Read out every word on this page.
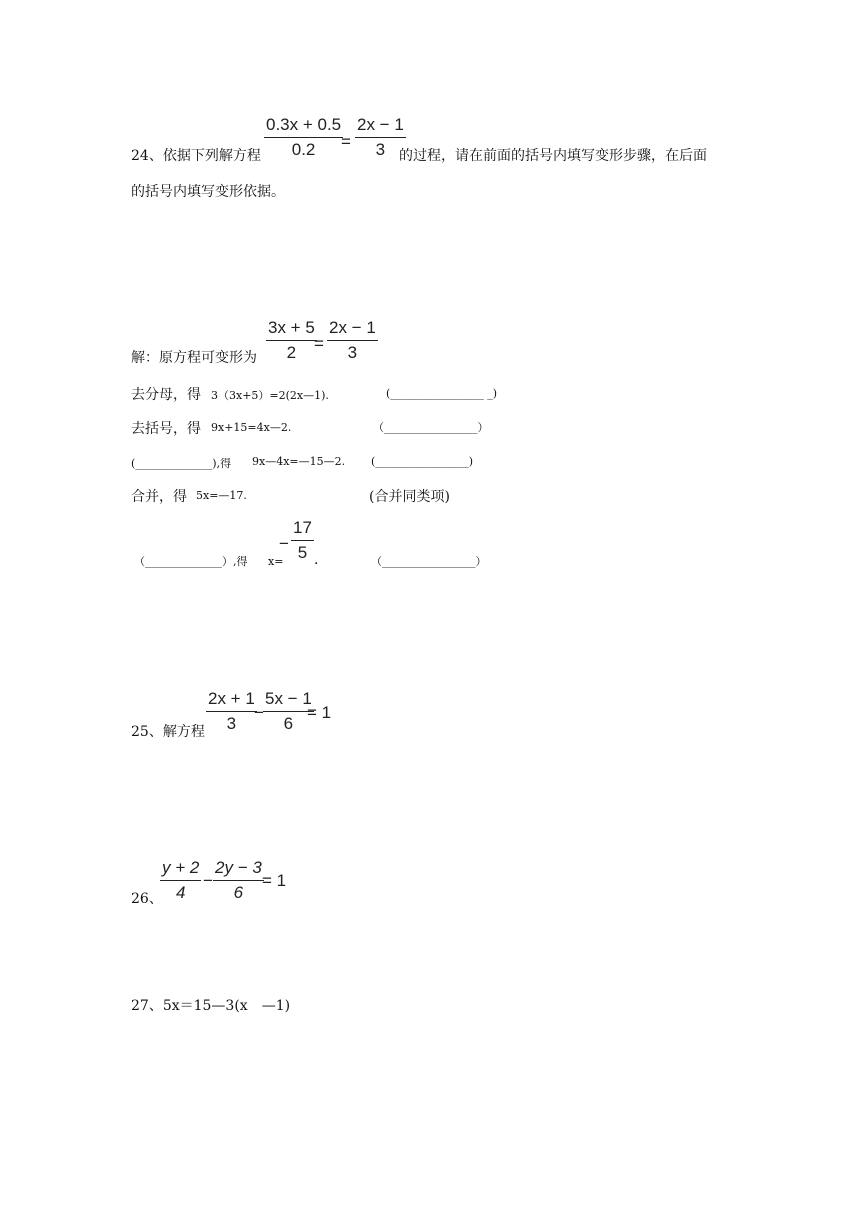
24、依据下列解方程 $\frac{0.3x + 0.5}{0.2}$
= $\frac{2x - 1}{3}$
的过程，请在前面的括号内填写变形步骤，在后面
的括号内填写变形依据。
解：原方程可变形为 $\frac{3x + 5}{2}$
= $\frac{2x - 1}{3}$
去分母，得 3（3x+5）=2(2x—1).	(_________________ _)
去括号，得 9x+15=4x—2.	（_________________）
(______________),得 9x—4x=—15—2. (_________________)
合并，得 5x=—17.	(合并同类项)
（______________）,得 x=
− $\frac{17}{5}$ .	（_________________）
25、解方程 $\frac{2x + 1}{3}$
− $\frac{5x - 1}{6}$
= 1
26、
$\frac{y + 2}{4} - \frac{2y - 3}{6}$
= 1
27、5x＝15—3(x　—1)
